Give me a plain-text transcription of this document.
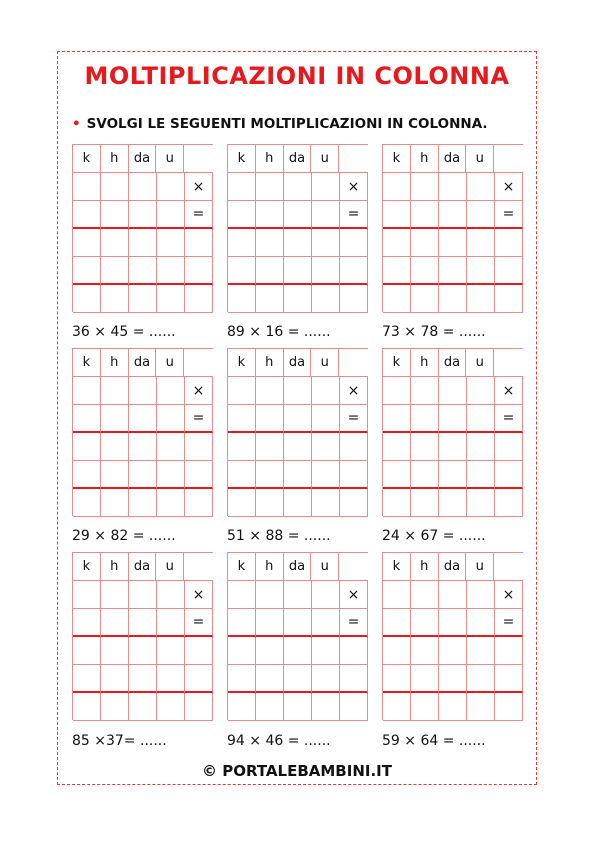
MOLTIPLICAZIONI IN COLONNA

• SVOLGI LE SEGUENTI MOLTIPLICAZIONI IN COLONNA.

k	h	da	u
×
=
36 × 45 = ......
k	h	da	u
×
=
89 × 16 = ......
k	h	da	u
×
=
73 × 78 = ......
k	h	da	u
×
=
29 × 82 = ......
k	h	da	u
×
=
51 × 88 = ......
k	h	da	u
×
=
24 × 67 = ......
k	h	da	u
×
=
85 ×37= ......
k	h	da	u
×
=
94 × 46 = ......
k	h	da	u
×
=
59 × 64 = ......
© PORTALEBAMBINI.IT
